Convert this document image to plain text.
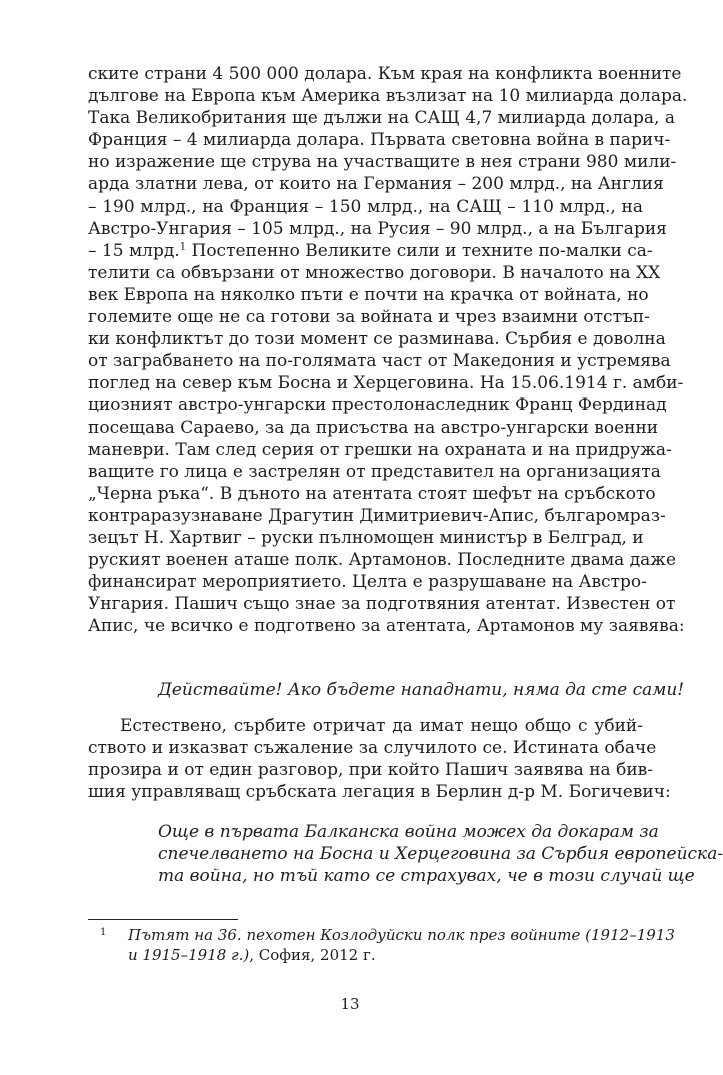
ските страни 4 500 000 долара. Към края на конфликта военните
дългове на Европа към Америка възлизат на 10 милиарда долара.
Така Великобритания ще дължи на САЩ 4,7 милиарда долара, а
Франция – 4 милиарда долара. Първата световна война в парич-
но изражение ще струва на участващите в нея страни 980 мили-
арда златни лева, от които на Германия – 200 млрд., на Англия
– 190 млрд., на Франция – 150 млрд., на САЩ – 110 млрд., на
Австро-Унгария – 105 млрд., на Русия – 90 млрд., а на България
– 15 млрд.$^1$ Постепенно Великите сили и техните по-малки са-
телити са обвързани от множество договори. В началото на ХХ
век Европа на няколко пъти е почти на крачка от войната, но
големите още не са готови за войната и чрез взаимни отстъп-
ки конфликтът до този момент се разминава. Сърбия е доволна
от заграбването на по-голямата част от Македония и устремява
поглед на север към Босна и Херцеговина. На 15.06.1914 г. амби-
циозният австро-унгарски престолонаследник Франц Фердинад
посещава Сараево, за да присъства на австро-унгарски военни
маневри. Там след серия от грешки на охраната и на придружа-
ващите го лица е застрелян от представител на организацията
„Черна ръка“. В дъното на атентата стоят шефът на сръбското
контраразузнаване Драгутин Димитриевич-Апис, българомраз-
зецът Н. Хартвиг – руски пълномощен министър в Белград, и
руският военен аташе полк. Артамонов. Последните двама даже
финансират мероприятието. Целта е разрушаване на Австро-
Унгария. Пашич също знае за подготвяния атентат. Известен от
Апис, че всичко е подготвено за атентата, Артамонов му заявява:
Действайте! Ако бъдете нападнати, няма да сте сами!
Естествено, сърбите отричат да имат нещо общо с убий-
ството и изказват съжаление за случилото се. Истината обаче
прозира и от един разговор, при който Пашич заявява на бив-
шия управляващ сръбската легация в Берлин д-р М. Богичевич:
Още в първата Балканска война можех да докарам за
спечелването на Босна и Херцеговина за Сърбия европейска-
та война, но тъй като се страхувах, че в този случай ще
1 Пътят на 36. пехотен Козлодуйски полк през войните (1912–1913
и 1915–1918 г.), София, 2012 г.
13
